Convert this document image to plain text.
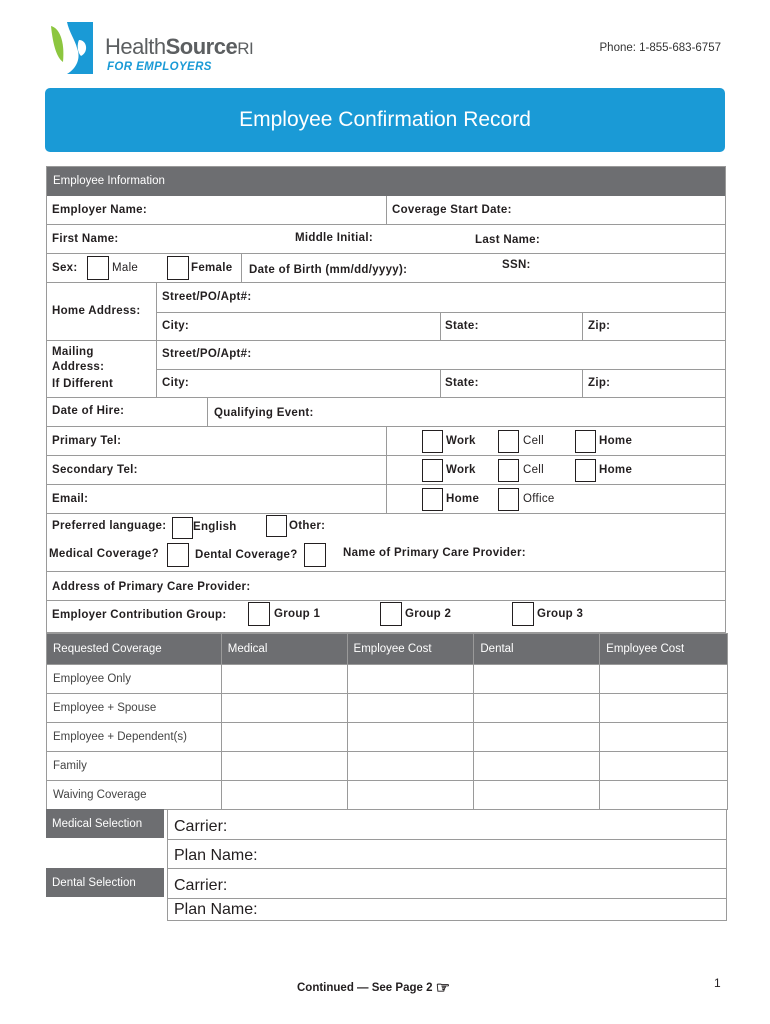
HealthSourceRI
FOR EMPLOYERS
Phone: 1-855-683-6757
Employee Confirmation Record
Employee Information
Employer Name:	Coverage Start Date:
First Name:	Middle Initial:	Last Name:
Sex:	Male	Female Date of Birth (mm/dd/yyyy):	SSN:
Home Address:
Street/PO/Apt#:
City:	State:	Zip:
Mailing
Address:
If Different
Street/PO/Apt#:
City:	State:	Zip:
Date of Hire:	Qualifying Event:
Primary Tel:	Work	Cell	Home
Secondary Tel:	Work	Cell	Home
Email:	Home	Office
Preferred language: English	Other:
Medical Coverage?	Dental Coverage?	Name of Primary Care Provider:
Address of Primary Care Provider:
Employer Contribution Group:	Group 1	Group 2	Group 3
Requested Coverage	Medical	Employee Cost	Dental	Employee Cost
Employee Only				
Employee + Spouse				
Employee + Dependent(s)				
Family				
Waiving Coverage				
Medical Selection	Carrier:
Plan Name:
Dental Selection	Carrier:
Plan Name:
Continued — See Page 2 ☞	1
